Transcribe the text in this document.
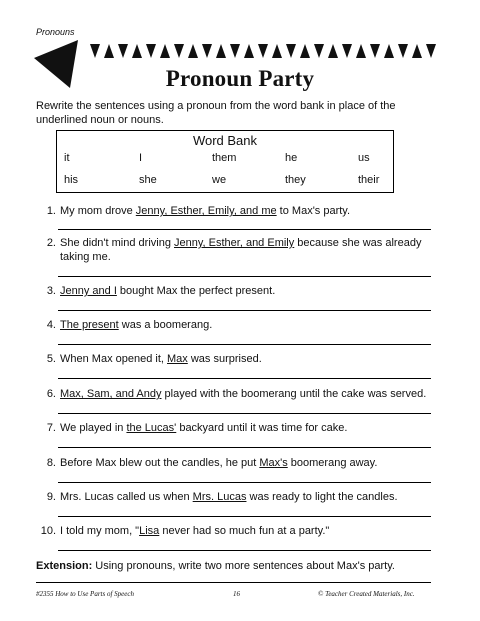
Pronouns
Pronoun Party
Rewrite the sentences using a pronoun from the word bank in place of the underlined noun or nouns.
Word Bank
it	I	them	he	us
his	she	we	they	their
1. My mom drove Jenny, Esther, Emily, and me to Max's party.
2. She didn't mind driving Jenny, Esther, and Emily because she was already taking me.
3. Jenny and I bought Max the perfect present.
4. The present was a boomerang.
5. When Max opened it, Max was surprised.
6. Max, Sam, and Andy played with the boomerang until the cake was served.
7. We played in the Lucas' backyard until it was time for cake.
8. Before Max blew out the candles, he put Max's boomerang away.
9. Mrs. Lucas called us when Mrs. Lucas was ready to light the candles.
10. I told my mom, "Lisa never had so much fun at a party."
Extension: Using pronouns, write two more sentences about Max's party.
#2355 How to Use Parts of Speech	16	© Teacher Created Materials, Inc.
